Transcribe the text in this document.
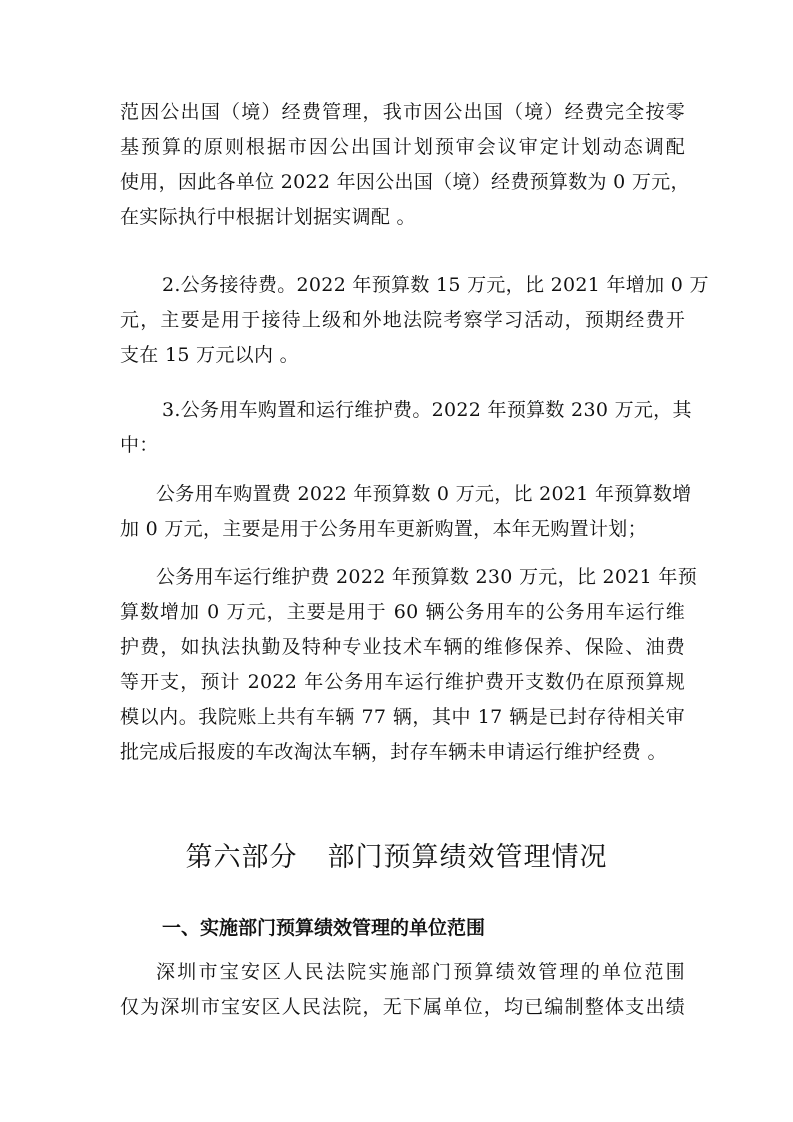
范因公出国（境）经费管理，我市因公出国（境）经费完全按零
基预算的原则根据市因公出国计划预审会议审定计划动态调配
使用，因此各单位 2022 年因公出国（境）经费预算数为 0 万元，
在实际执行中根据计划据实调配 。
2.公务接待费。2022 年预算数 15 万元，比 2021 年增加 0 万
元，主要是用于接待上级和外地法院考察学习活动，预期经费开
支在 15 万元以内 。
3.公务用车购置和运行维护费。2022 年预算数 230 万元，其
中：
公务用车购置费 2022 年预算数 0 万元，比 2021 年预算数增
加 0 万元，主要是用于公务用车更新购置，本年无购置计划；
公务用车运行维护费 2022 年预算数 230 万元，比 2021 年预
算数增加 0 万元，主要是用于 60 辆公务用车的公务用车运行维
护费，如执法执勤及特种专业技术车辆的维修保养、保险、油费
等开支，预计 2022 年公务用车运行维护费开支数仍在原预算规
模以内。我院账上共有车辆 77 辆，其中 17 辆是已封存待相关审
批完成后报废的车改淘汰车辆，封存车辆未申请运行维护经费 。
第六部分 部门预算绩效管理情况
一、实施部门预算绩效管理的单位范围
深圳市宝安区人民法院实施部门预算绩效管理的单位范围
仅为深圳市宝安区人民法院，无下属单位，均已编制整体支出绩
